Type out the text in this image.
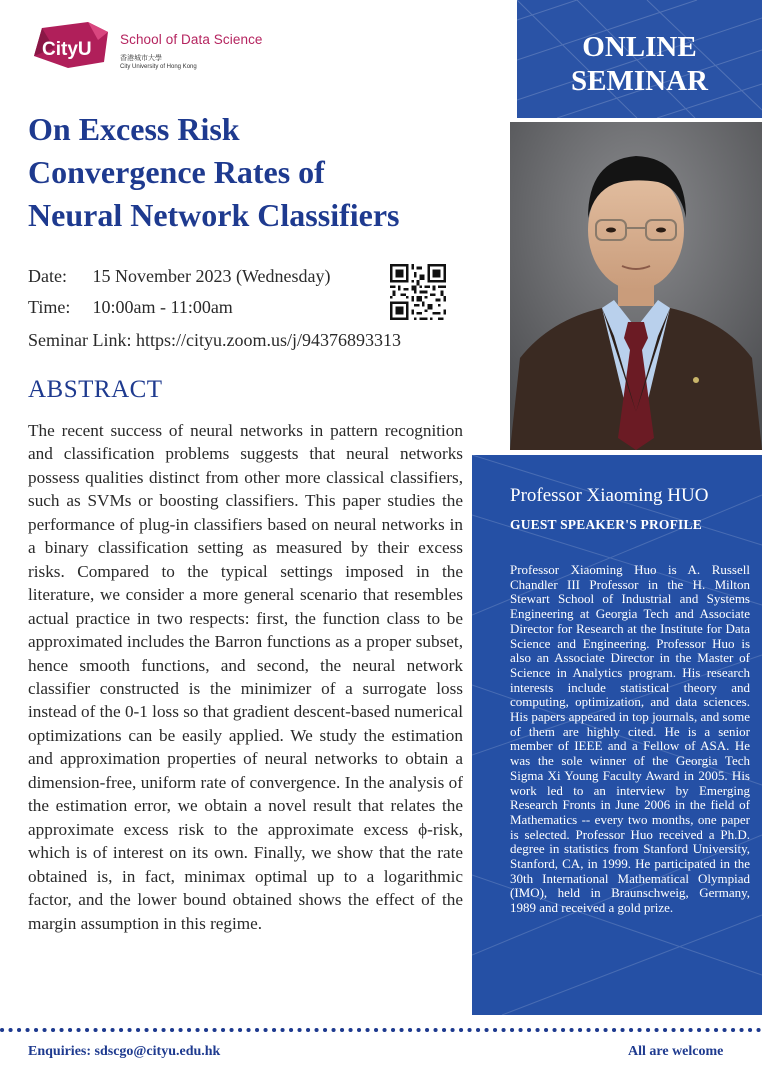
CityU School of Data Science
香港城市大學
City University of Hong Kong
On Excess Risk
Convergence Rates of
Neural Network Classifiers
Date: 15 November 2023 (Wednesday)
Time: 10:00am - 11:00am
Seminar Link: https://cityu.zoom.us/j/94376893313
ABSTRACT
The recent success of neural networks in pattern recognition and classification problems suggests that neural networks possess qualities distinct from other more classical classifiers, such as SVMs or boosting classifiers. This paper studies the performance of plug-in classifiers based on neural networks in a binary classification setting as measured by their excess risks. Compared to the typical settings imposed in the literature, we consider a more general scenario that resembles actual practice in two respects: first, the function class to be approximated includes the Barron functions as a proper subset, hence smooth functions, and second, the neural network classifier constructed is the minimizer of a surrogate loss instead of the 0-1 loss so that gradient descent-based numerical optimizations can be easily applied. We study the estimation and approximation properties of neural networks to obtain a dimension-free, uniform rate of convergence. In the analysis of the estimation error, we obtain a novel result that relates the approximate excess risk to the approximate excess ϕ-risk, which is of interest on its own. Finally, we show that the rate obtained is, in fact, minimax optimal up to a logarithmic factor, and the lower bound obtained shows the effect of the margin assumption in this regime.
ONLINE
SEMINAR
Professor Xiaoming HUO
GUEST SPEAKER'S PROFILE
Professor Xiaoming Huo is A. Russell Chandler III Professor in the H. Milton Stewart School of Industrial and Systems Engineering at Georgia Tech and Associate Director for Research at the Institute for Data Science and Engineering. Professor Huo is also an Associate Director in the Master of Science in Analytics program. His research interests include statistical theory and computing, optimization, and data sciences. His papers appeared in top journals, and some of them are highly cited. He is a senior member of IEEE and a Fellow of ASA. He was the sole winner of the Georgia Tech Sigma Xi Young Faculty Award in 2005. His work led to an interview by Emerging Research Fronts in June 2006 in the field of Mathematics -- every two months, one paper is selected. Professor Huo received a Ph.D. degree in statistics from Stanford University, Stanford, CA, in 1999. He participated in the 30th International Mathematical Olympiad (IMO), held in Braunschweig, Germany, 1989 and received a gold prize.
Enquiries: sdscgo@cityu.edu.hk	All are welcome
